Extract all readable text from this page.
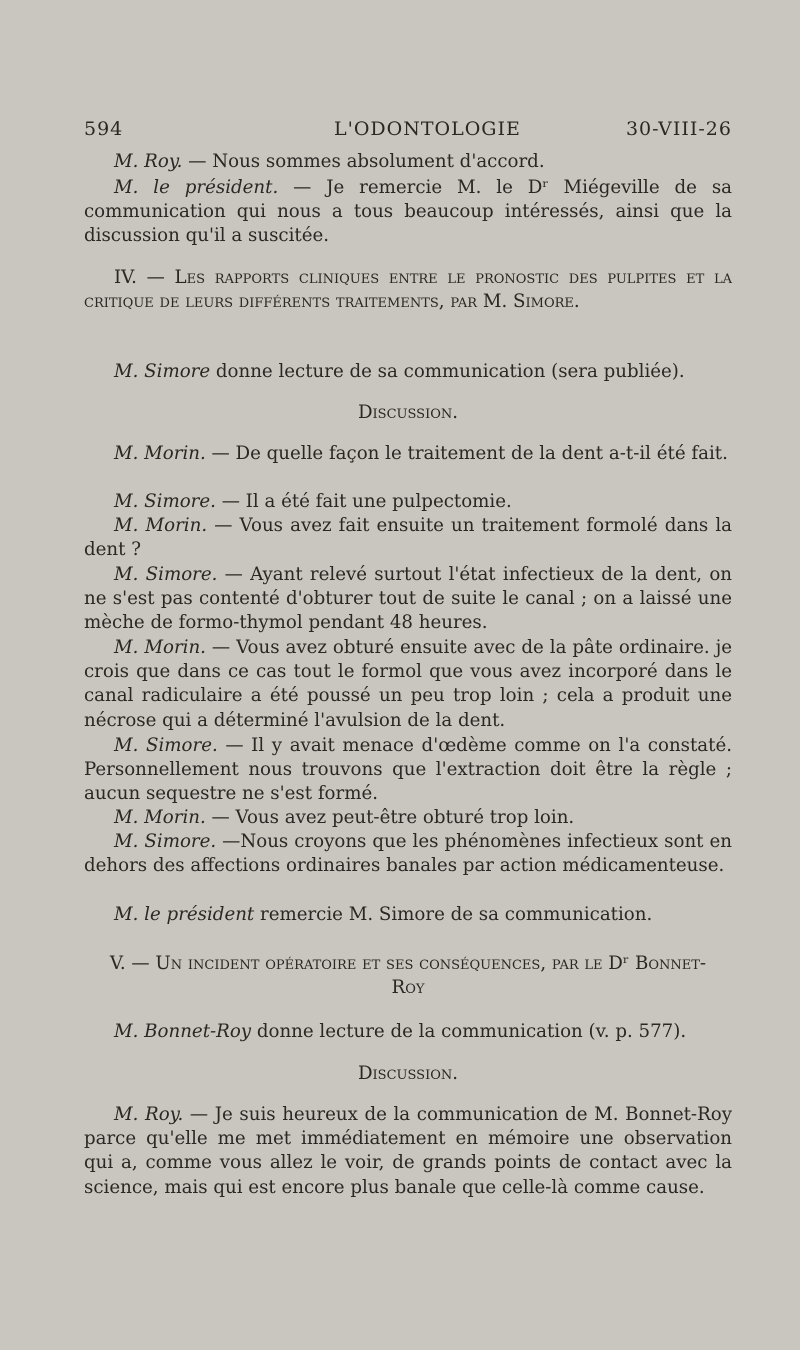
594	L'ODONTOLOGIE	30-VIII-26

M. Roy. — Nous sommes absolument d'accord.

M. le président. — Je remercie M. le Dʳ Miégeville de sa communication qui nous a tous beaucoup intéressés, ainsi que la discussion qu'il a suscitée.

IV. — Les rapports cliniques entre le pronostic des pulpites et la critique de leurs différents traitements, par M. Simore.

M. Simore donne lecture de sa communication (sera publiée).

Discussion.

M. Morin. — De quelle façon le traitement de la dent a-t-il été fait.

M. Simore. — Il a été fait une pulpectomie.

M. Morin. — Vous avez fait ensuite un traitement formolé dans la dent ?

M. Simore. — Ayant relevé surtout l'état infectieux de la dent, on ne s'est pas contenté d'obturer tout de suite le canal ; on a laissé une mèche de formo-thymol pendant 48 heures.

M. Morin. — Vous avez obturé ensuite avec de la pâte ordinaire. je crois que dans ce cas tout le formol que vous avez incorporé dans le canal radiculaire a été poussé un peu trop loin ; cela a produit une nécrose qui a déterminé l'avulsion de la dent.

M. Simore. — Il y avait menace d'œdème comme on l'a constaté. Personnellement nous trouvons que l'extraction doit être la règle ; aucun sequestre ne s'est formé.

M. Morin. — Vous avez peut-être obturé trop loin.

M. Simore. —Nous croyons que les phénomènes infectieux sont en dehors des affections ordinaires banales par action médicamenteuse.

M. le président remercie M. Simore de sa communication.

V. — Un incident opératoire et ses conséquences, par le Dʳ Bonnet-Roy

M. Bonnet-Roy donne lecture de la communication (v. p. 577).

Discussion.

M. Roy. — Je suis heureux de la communication de M. Bonnet-Roy parce qu'elle me met immédiatement en mémoire une observation qui a, comme vous allez le voir, de grands points de contact avec la science, mais qui est encore plus banale que celle-là comme cause.
